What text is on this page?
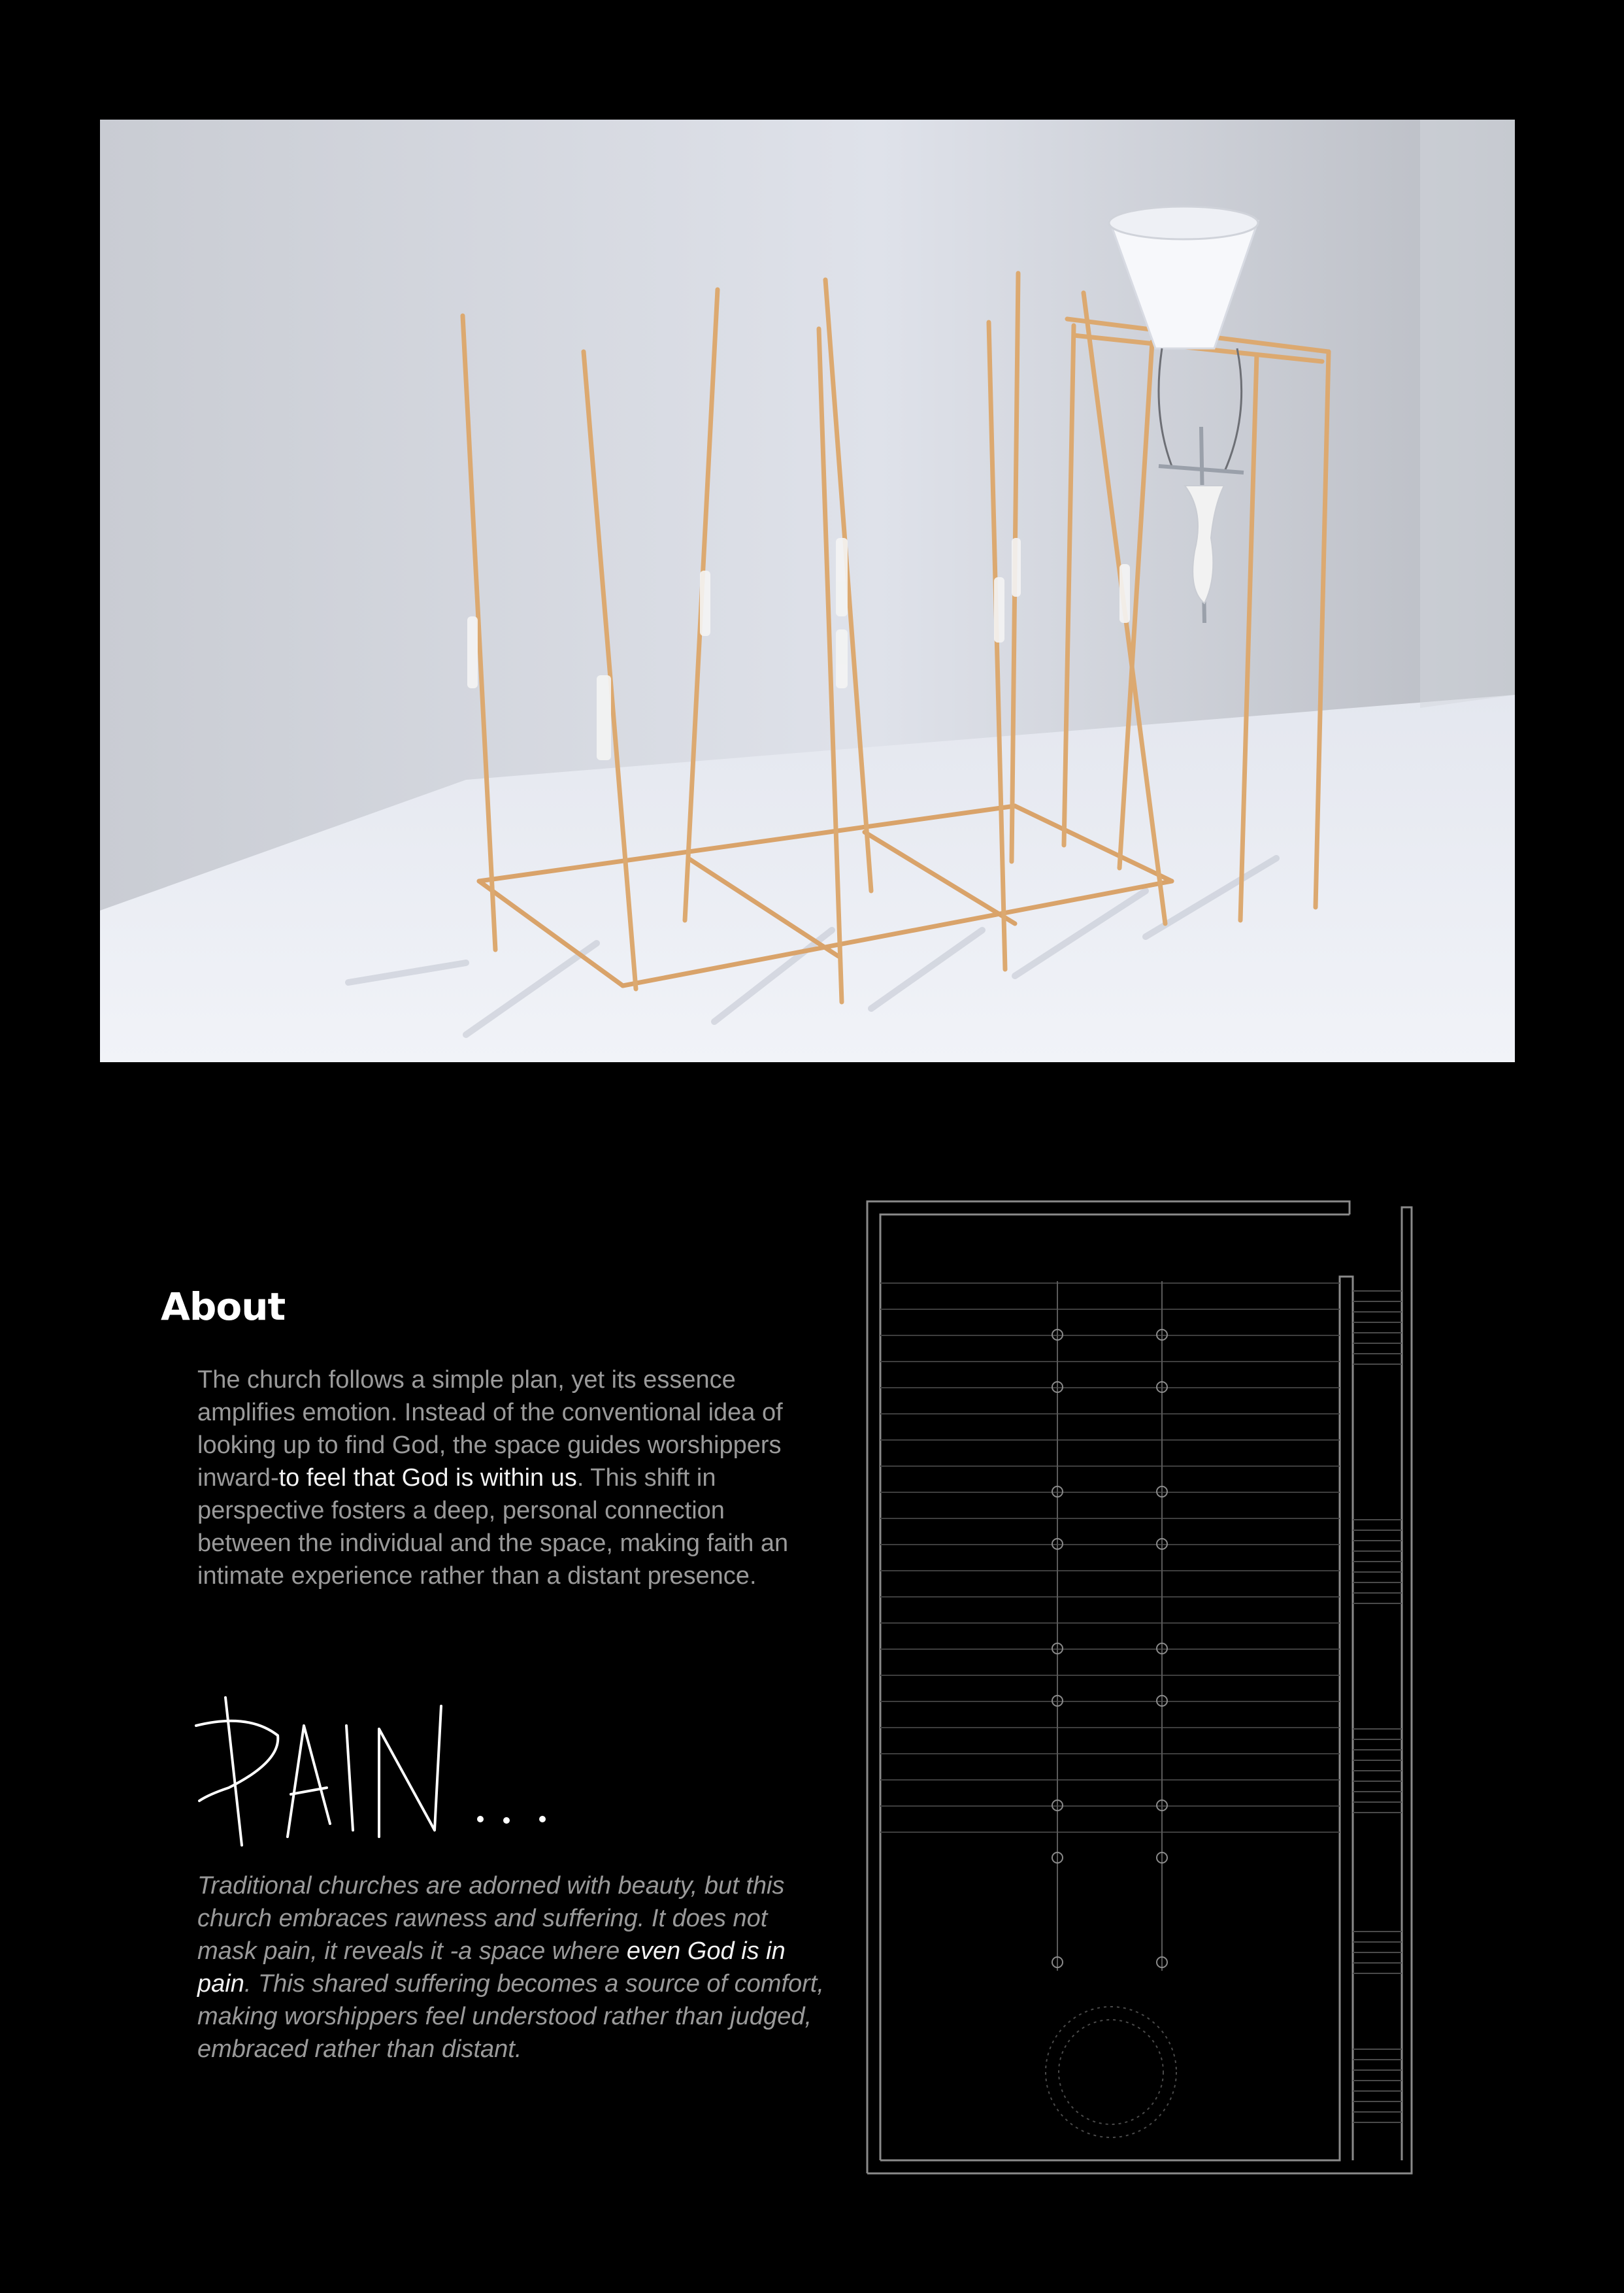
About

The church follows a simple plan, yet its essence amplifies emotion. Instead of the conventional idea of looking up to find God, the space guides worshippers inward-to feel that God is within us. This shift in perspective fosters a deep, personal connection between the individual and the space, making faith an intimate experience rather than a distant presence.

Traditional churches are adorned with beauty, but this church embraces rawness and suffering. It does not mask pain, it reveals it -a space where even God is in pain. This shared suffering becomes a source of comfort, making worshippers feel understood rather than judged, embraced rather than distant.
